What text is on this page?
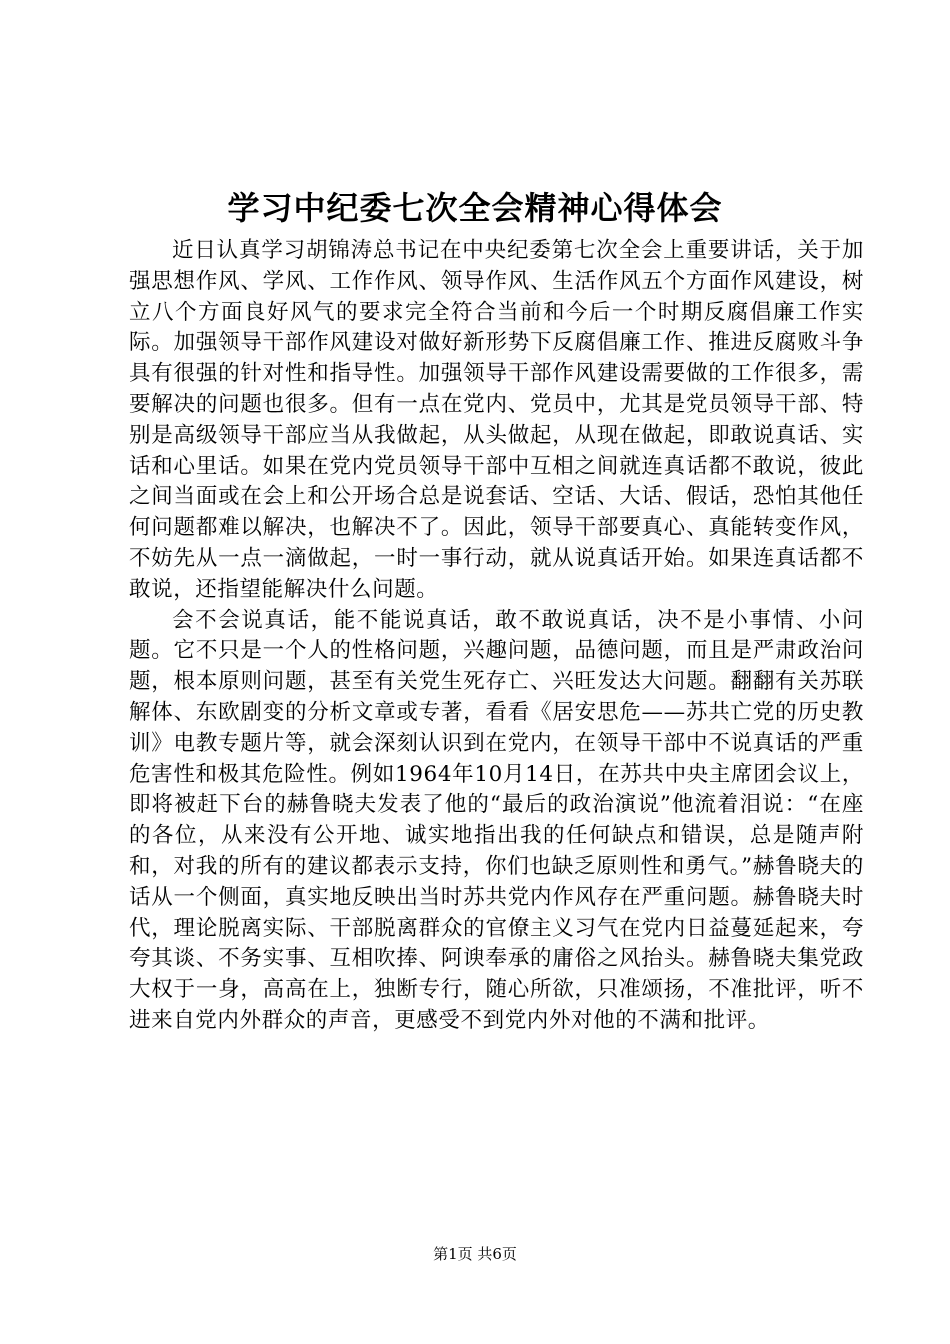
学习中纪委七次全会精神心得体会

近日认真学习胡锦涛总书记在中央纪委第七次全会上重要讲话，关于加强思想作风、学风、工作作风、领导作风、生活作风五个方面作风建设，树立八个方面良好风气的要求完全符合当前和今后一个时期反腐倡廉工作实际。加强领导干部作风建设对做好新形势下反腐倡廉工作、推进反腐败斗争具有很强的针对性和指导性。加强领导干部作风建设需要做的工作很多，需要解决的问题也很多。但有一点在党内、党员中，尤其是党员领导干部、特别是高级领导干部应当从我做起，从头做起，从现在做起，即敢说真话、实话和心里话。如果在党内党员领导干部中互相之间就连真话都不敢说，彼此之间当面或在会上和公开场合总是说套话、空话、大话、假话，恐怕其他任何问题都难以解决，也解决不了。因此，领导干部要真心、真能转变作风，不妨先从一点一滴做起，一时一事行动，就从说真话开始。如果连真话都不敢说，还指望能解决什么问题。

会不会说真话，能不能说真话，敢不敢说真话，决不是小事情、小问题。它不只是一个人的性格问题，兴趣问题，品德问题，而且是严肃政治问题，根本原则问题，甚至有关党生死存亡、兴旺发达大问题。翻翻有关苏联解体、东欧剧变的分析文章或专著，看看《居安思危——苏共亡党的历史教训》电教专题片等，就会深刻认识到在党内，在领导干部中不说真话的严重危害性和极其危险性。例如1964年10月14日，在苏共中央主席团会议上，即将被赶下台的赫鲁晓夫发表了他的“最后的政治演说”他流着泪说：“在座的各位，从来没有公开地、诚实地指出我的任何缺点和错误，总是随声附和，对我的所有的建议都表示支持，你们也缺乏原则性和勇气。”赫鲁晓夫的话从一个侧面，真实地反映出当时苏共党内作风存在严重问题。赫鲁晓夫时代，理论脱离实际、干部脱离群众的官僚主义习气在党内日益蔓延起来，夸夸其谈、不务实事、互相吹捧、阿谀奉承的庸俗之风抬头。赫鲁晓夫集党政大权于一身，高高在上，独断专行，随心所欲，只准颂扬，不准批评，听不进来自党内外群众的声音，更感受不到党内外对他的不满和批评。

第1页 共6页
